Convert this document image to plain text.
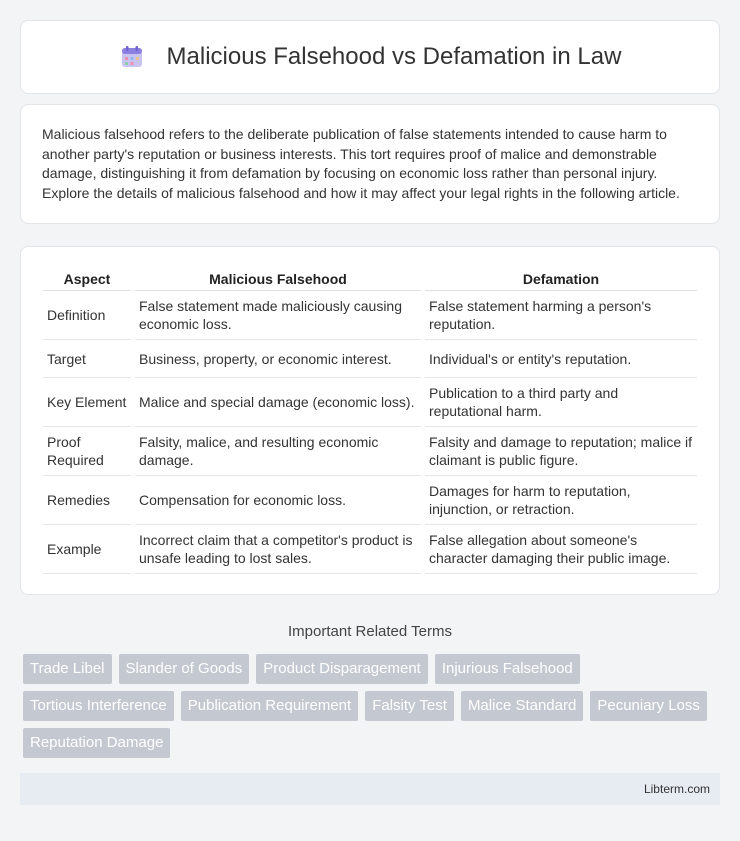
Malicious Falsehood vs Defamation in Law

Malicious falsehood refers to the deliberate publication of false statements intended to cause harm to another party's reputation or business interests. This tort requires proof of malice and demonstrable damage, distinguishing it from defamation by focusing on economic loss rather than personal injury. Explore the details of malicious falsehood and how it may affect your legal rights in the following article.

Aspect	Malicious Falsehood	Defamation
Definition	False statement made maliciously causing economic loss.	False statement harming a person's reputation.
Target	Business, property, or economic interest.	Individual's or entity's reputation.
Key Element	Malice and special damage (economic loss).	Publication to a third party and reputational harm.
Proof Required	Falsity, malice, and resulting economic damage.	Falsity and damage to reputation; malice if claimant is public figure.
Remedies	Compensation for economic loss.	Damages for harm to reputation, injunction, or retraction.
Example	Incorrect claim that a competitor's product is unsafe leading to lost sales.	False allegation about someone's character damaging their public image.
Important Related Terms
Trade Libel	Slander of Goods	Product Disparagement	Injurious Falsehood
Tortious Interference	Publication Requirement	Falsity Test	Malice Standard	Pecuniary Loss
Reputation Damage
Libterm.com
